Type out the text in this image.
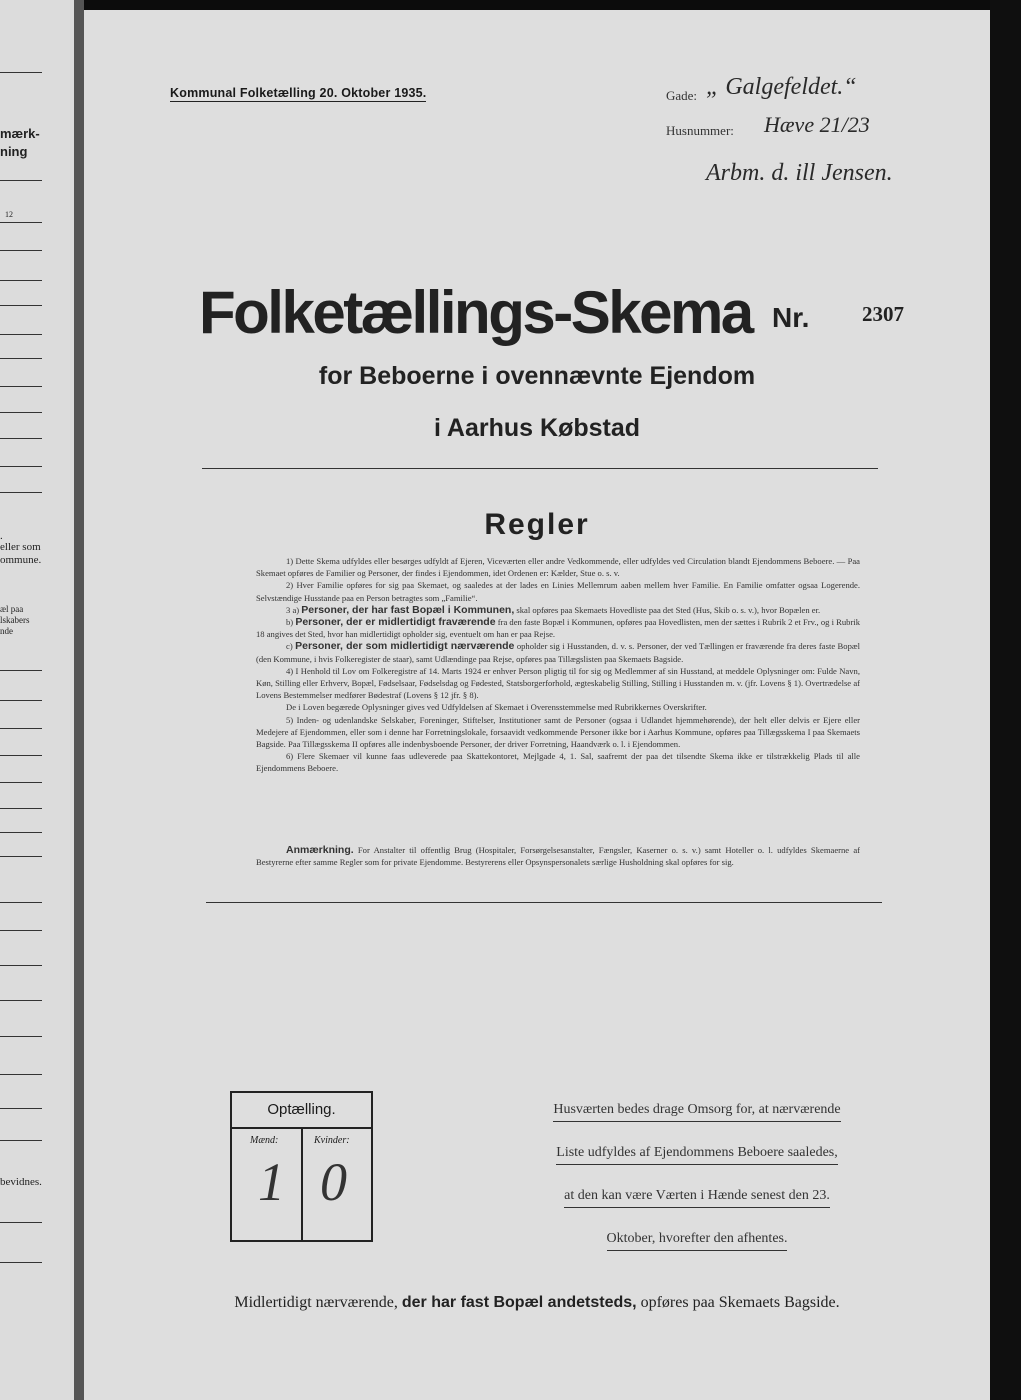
mærk-
ning
12
.
eller som
ommune.
æl paa
lskabers
nde
bevidnes.
Kommunal Folketælling 20. Oktober 1935.	Gade: „ Galgefeldet.“
Husnummer: Hæve 21/23
Arbm. d. ill Jensen.
Folketællings-Skema Nr.	2307
for Beboerne i ovennævnte Ejendom
i Aarhus Købstad
Regler

1) Dette Skema udfyldes eller besørges udfyldt af Ejeren, Viceværten eller andre Vedkommende, eller udfyldes ved Circulation blandt Ejendommens Beboere. — Paa Skemaet opføres de Familier og Personer, der findes i Ejendommen, idet Ordenen er: Kælder, Stue o. s. v.

2) Hver Familie opføres for sig paa Skemaet, og saaledes at der lades en Linies Mellemrum aaben mellem hver Familie. En Familie omfatter ogsaa Logerende. Selvstændige Husstande paa en Person betragtes som „Familie“.

3 a) Personer, der har fast Bopæl i Kommunen, skal opføres paa Skemaets Hovedliste paa det Sted (Hus, Skib o. s. v.), hvor Bopælen er.

b) Personer, der er midlertidigt fraværende fra den faste Bopæl i Kommunen, opføres paa Hovedlisten, men der sættes i Rubrik 2 et Frv., og i Rubrik 18 angives det Sted, hvor han midlertidigt opholder sig, eventuelt om han er paa Rejse.

c) Personer, der som midlertidigt nærværende opholder sig i Husstanden, d. v. s. Personer, der ved Tællingen er fraværende fra deres faste Bopæl (den Kommune, i hvis Folkeregister de staar), samt Udlændinge paa Rejse, opføres paa Tillægslisten paa Skemaets Bagside.

4) I Henhold til Lov om Folkeregistre af 14. Marts 1924 er enhver Person pligtig til for sig og Medlemmer af sin Husstand, at meddele Oplysninger om: Fulde Navn, Køn, Stilling eller Erhverv, Bopæl, Fødselsaar, Fødselsdag og Fødested, Statsborgerforhold, ægteskabelig Stilling, Stilling i Husstanden m. v. (jfr. Lovens § 1). Overtrædelse af Lovens Bestemmelser medfører Bødestraf (Lovens § 12 jfr. § 8).

De i Loven begærede Oplysninger gives ved Udfyldelsen af Skemaet i Overensstemmelse med Rubrikkernes Overskrifter.

5) Inden- og udenlandske Selskaber, Foreninger, Stiftelser, Institutioner samt de Personer (ogsaa i Udlandet hjemmehørende), der helt eller delvis er Ejere eller Medejere af Ejendommen, eller som i denne har Forretningslokale, forsaavidt vedkommende Personer ikke bor i Aarhus Kommune, opføres paa Tillægsskema I paa Skemaets Bagside. Paa Tillægsskema II opføres alle indenbysboende Personer, der driver Forretning, Haandværk o. l. i Ejendommen.

6) Flere Skemaer vil kunne faas udleverede paa Skattekontoret, Mejlgade 4, 1. Sal, saafremt der paa det tilsendte Skema ikke er tilstrækkelig Plads til alle Ejendommens Beboere.

Anmærkning. For Anstalter til offentlig Brug (Hospitaler, Forsørgelsesanstalter, Fængsler, Kaserner o. s. v.) samt Hoteller o. l. udfyldes Skemaerne af Bestyrerne efter samme Regler som for private Ejendomme. Bestyrerens eller Opsynspersonalets særlige Husholdning skal opføres for sig.
Optælling.
Mænd:	Kvinder:
1 0
Husværten bedes drage Omsorg for, at nærværende Liste udfyldes af Ejendommens Beboere saaledes, at den kan være Værten i Hænde senest den 23. Oktober, hvorefter den afhentes.
Midlertidigt nærværende, der har fast Bopæl andetsteds, opføres paa Skemaets Bagside.
